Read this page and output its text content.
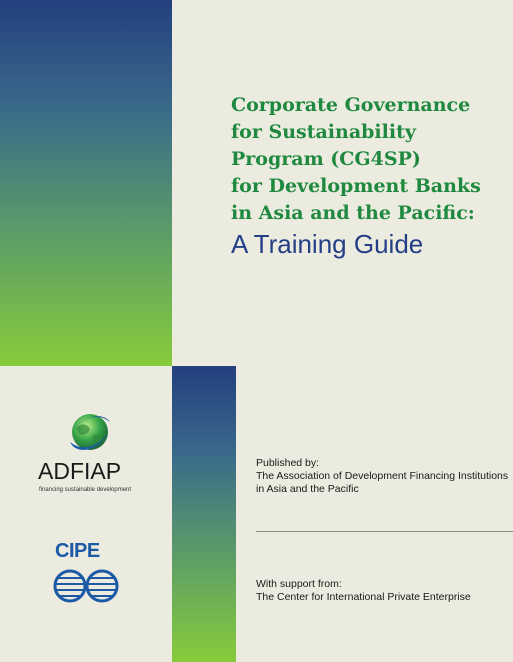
Corporate Governance
for Sustainability
Program (CG4SP)
for Development Banks
in Asia and the Pacific:
A Training Guide
ADFIAP
financing sustainable development
CIPE
Published by:
The Association of Development Financing Institutions
in Asia and the Pacific
With support from:
The Center for International Private Enterprise
